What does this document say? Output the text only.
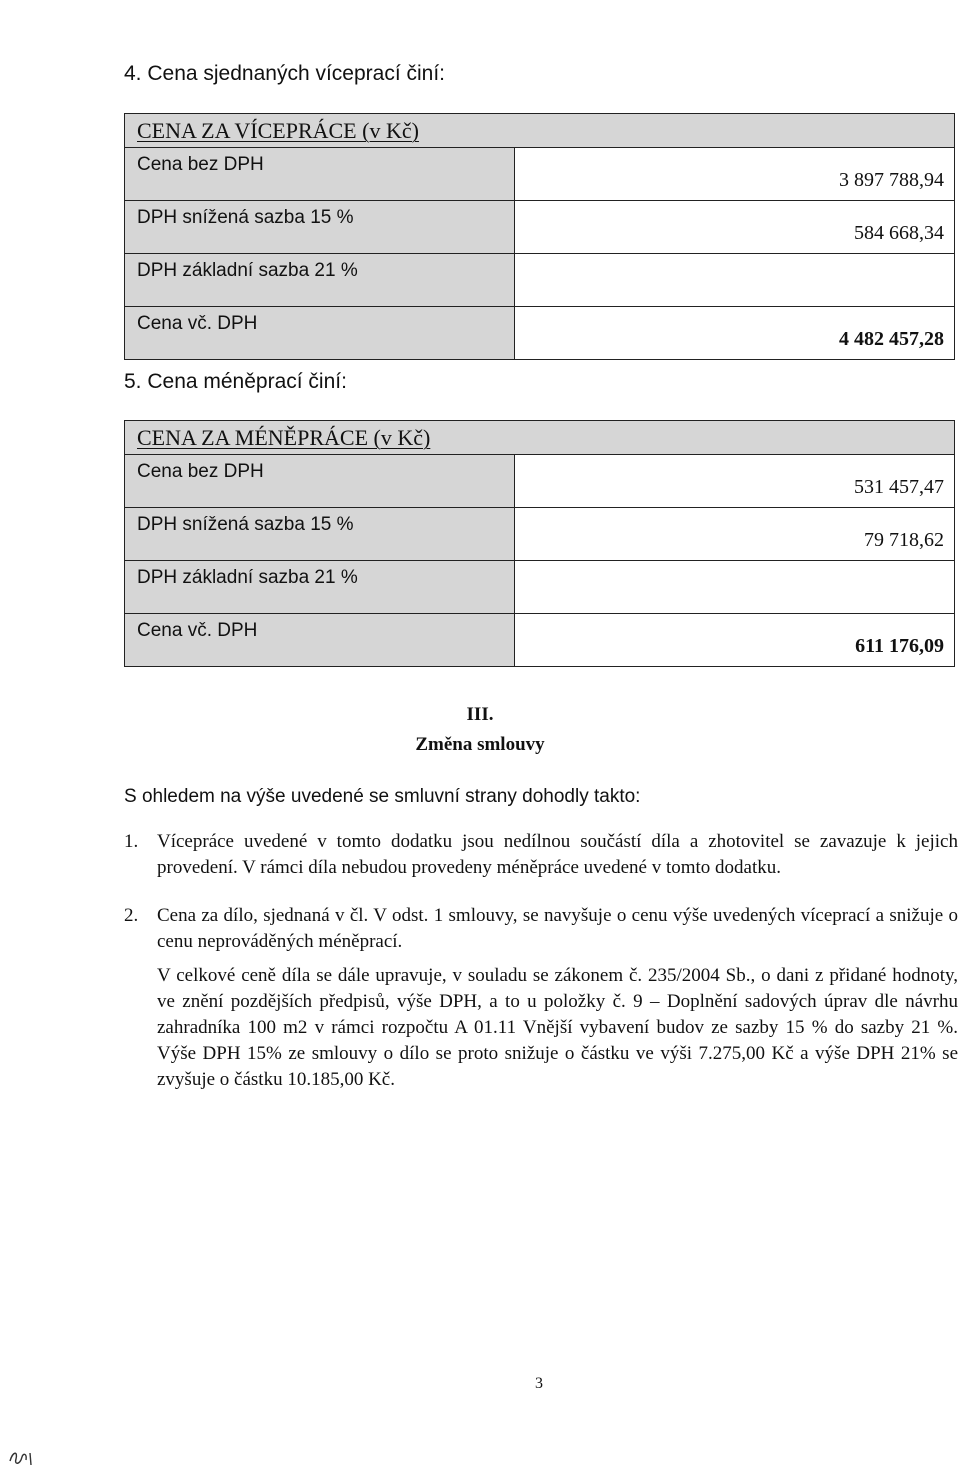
4. Cena sjednaných víceprací činí:
CENA ZA VÍCEPRÁCE (v Kč)
Cena bez DPH
3 897 788,94
DPH snížená sazba 15 %
584 668,34
DPH základní sazba 21 %
Cena vč. DPH
4 482 457,28
5. Cena méněprací činí:
CENA ZA MÉNĚPRÁCE (v Kč)
Cena bez DPH
531 457,47
DPH snížená sazba 15 %
79 718,62
DPH základní sazba 21 %
Cena vč. DPH
611 176,09
III.
Změna smlouvy
S ohledem na výše uvedené se smluvní strany dohodly takto:
1. Vícepráce uvedené v tomto dodatku jsou nedílnou součástí díla a zhotovitel se zavazuje k jejich provedení. V rámci díla nebudou provedeny méněpráce uvedené v tomto dodatku.
2. Cena za dílo, sjednaná v čl. V odst. 1 smlouvy, se navyšuje o cenu výše uvedených víceprací a snižuje o cenu neprováděných méněprací.
V celkové ceně díla se dále upravuje, v souladu se zákonem č. 235/2004 Sb., o dani z přidané hodnoty, ve znění pozdějších předpisů, výše DPH, a to u položky č. 9 – Doplnění sadových úprav dle návrhu zahradníka 100 m2 v rámci rozpočtu A 01.11 Vnější vybavení budov ze sazby 15 % do sazby 21 %. Výše DPH 15% ze smlouvy o dílo se proto snižuje o částku ve výši 7.275,00 Kč a výše DPH 21% se zvyšuje o částku 10.185,00 Kč.
3
